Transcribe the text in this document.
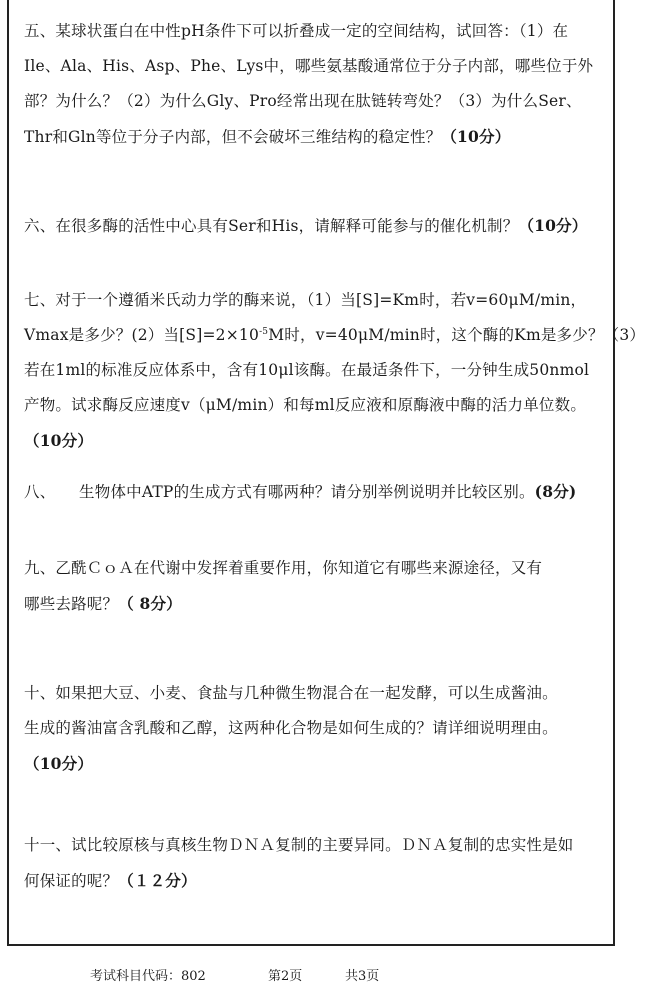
五、某球状蛋白在中性pH条件下可以折叠成一定的空间结构，试回答：（1）在
Ile、Ala、His、Asp、Phe、Lys中，哪些氨基酸通常位于分子内部，哪些位于外
部？为什么？（2）为什么Gly、Pro经常出现在肽链转弯处？（3）为什么Ser、
Thr和Gln等位于分子内部，但不会破坏三维结构的稳定性？（10分）
六、在很多酶的活性中心具有Ser和His，请解释可能参与的催化机制？（10分）
七、对于一个遵循米氏动力学的酶来说，（1）当[S]=Km时，若v=60μM/min，
Vmax是多少？(2）当$[S]=2\times 10^{-5}M$时，v=40μM/min时，这个酶的Km是多少？（3）
若在1ml的标准反应体系中，含有10μl该酶。在最适条件下，一分钟生成50nmol
产物。试求酶反应速度v（μM/min）和每ml反应液和原酶液中酶的活力单位数。
（10分）
八、　　生物体中ATP的生成方式有哪两种？请分别举例说明并比较区别。(8分)
九、乙酰ＣｏＡ在代谢中发挥着重要作用，你知道它有哪些来源途径，又有
哪些去路呢？（ 8分）
十、如果把大豆、小麦、食盐与几种微生物混合在一起发酵，可以生成酱油。
生成的酱油富含乳酸和乙醇，这两种化合物是如何生成的？请详细说明理由。
（10分）
十一、试比较原核与真核生物ＤＮＡ复制的主要异同。ＤＮＡ复制的忠实性是如
何保证的呢？（１２分）
考试科目代码：802	第2页	共3页
